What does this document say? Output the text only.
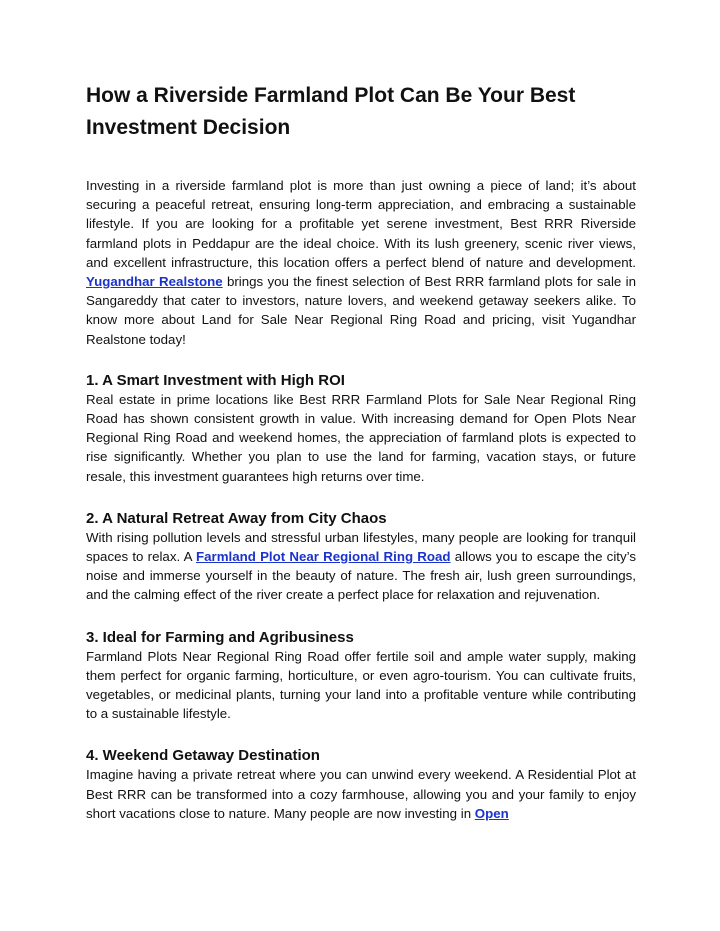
How a Riverside Farmland Plot Can Be Your Best Investment Decision

Investing in a riverside farmland plot is more than just owning a piece of land; it’s about securing a peaceful retreat, ensuring long-term appreciation, and embracing a sustainable lifestyle. If you are looking for a profitable yet serene investment, Best RRR Riverside farmland plots in Peddapur are the ideal choice. With its lush greenery, scenic river views, and excellent infrastructure, this location offers a perfect blend of nature and development. Yugandhar Realstone brings you the finest selection of Best RRR farmland plots for sale in Sangareddy that cater to investors, nature lovers, and weekend getaway seekers alike. To know more about Land for Sale Near Regional Ring Road and pricing, visit Yugandhar Realstone today!

1. A Smart Investment with High ROI

Real estate in prime locations like Best RRR Farmland Plots for Sale Near Regional Ring Road has shown consistent growth in value. With increasing demand for Open Plots Near Regional Ring Road and weekend homes, the appreciation of farmland plots is expected to rise significantly. Whether you plan to use the land for farming, vacation stays, or future resale, this investment guarantees high returns over time.

2. A Natural Retreat Away from City Chaos

With rising pollution levels and stressful urban lifestyles, many people are looking for tranquil spaces to relax. A Farmland Plot Near Regional Ring Road allows you to escape the city’s noise and immerse yourself in the beauty of nature. The fresh air, lush green surroundings, and the calming effect of the river create a perfect place for relaxation and rejuvenation.

3. Ideal for Farming and Agribusiness

Farmland Plots Near Regional Ring Road offer fertile soil and ample water supply, making them perfect for organic farming, horticulture, or even agro-tourism. You can cultivate fruits, vegetables, or medicinal plants, turning your land into a profitable venture while contributing to a sustainable lifestyle.

4. Weekend Getaway Destination

Imagine having a private retreat where you can unwind every weekend. A Residential Plot at Best RRR can be transformed into a cozy farmhouse, allowing you and your family to enjoy short vacations close to nature. Many people are now investing in Open
